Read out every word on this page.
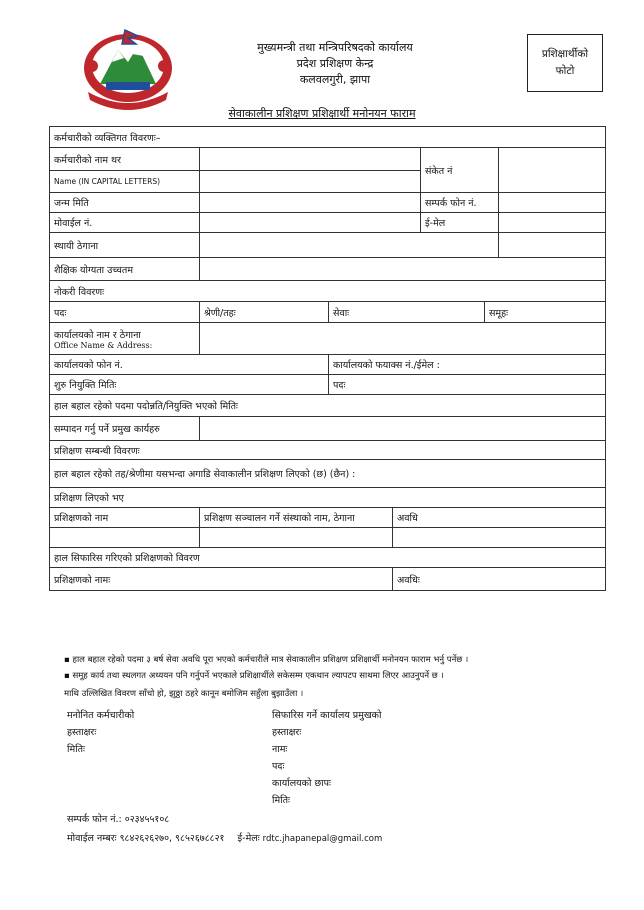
मुख्यमन्त्री तथा मन्त्रिपरिषदको कार्यालय
प्रदेश प्रशिक्षण केन्द्र
कलवलगुरी, झापा
प्रशिक्षार्थीको
फोटो
सेवाकालीन प्रशिक्षण प्रशिक्षार्थी मनोनयन फाराम
कर्मचारीको व्यक्तिगत विवरणः–						
कर्मचारीको नाम थर				संकेत नं		
Name (IN CAPITAL LETTERS)						
जन्म मिति				सम्पर्क फोन नं.		
मोवाईल नं.				ई-मेल		
स्थायी ठेगाना						
शैक्षिक योग्यता उच्चतम						
नोकरी विवरणः						
पदः	श्रेणी/तहः	सेवाः			समूहः	

कार्यालयको नाम र ठेगाना
Office Name & Address:						

कार्यालयको फोन नं.		कार्यालयको फयाक्स नं./ईमेल :				
शुरु नियुक्ति मितिः		पदः				
हाल बहाल रहेको पदमा पदोन्नति/नियुक्ति भएको मितिः						
सम्पादन गर्नु पर्ने प्रमुख कार्यहरु						
प्रशिक्षण सम्बन्धी विवरणः						
हाल बहाल रहेको तह/श्रेणीमा यसभन्दा अगाडि सेवाकालीन प्रशिक्षण लिएको (छ) (छैन) :						
प्रशिक्षण लिएको भए						
प्रशिक्षणको नाम	प्रशिक्षण सञ्चालन गर्ने संस्थाको नाम, ठेगाना		अवधि			

हाल सिफारिस गरिएको प्रशिक्षणको विवरण						
प्रशिक्षणको नामः			अवधिः			
▪ हाल बहाल रहेको पदमा ३ बर्ष सेवा अवधि पूरा भएको कर्मचारीले मात्र सेवाकालीन प्रशिक्षण प्रशिक्षार्थी मनोनयन फाराम भर्नु पर्नेछ ।
▪ समूह कार्य तथा स्थलगत अध्ययन पनि गर्नुपर्ने भएकाले प्रशिक्षार्थीले सकेसम्म एकथान ल्यापटप साथमा लिएर आउनुपर्ने छ ।
माथि उल्लिखित विवरण साँचो हो, झुठ्ठा ठहरे कानून बमोजिम सहुँला बुझाउँला ।
मनोनित कर्मचारीको
हस्ताक्षरः
मितिः
सिफारिस गर्ने कार्यालय प्रमुखको
हस्ताक्षरः
नामः
पदः
कार्यालयको छापः
मितिः
सम्पर्क फोन नं.: ०२३४५५१०८
मोवाईल नम्बरः ९८४२६२६२७०, ९८५२६७८८२१ ई-मेलः rdtc.jhapanepal@gmail.com
